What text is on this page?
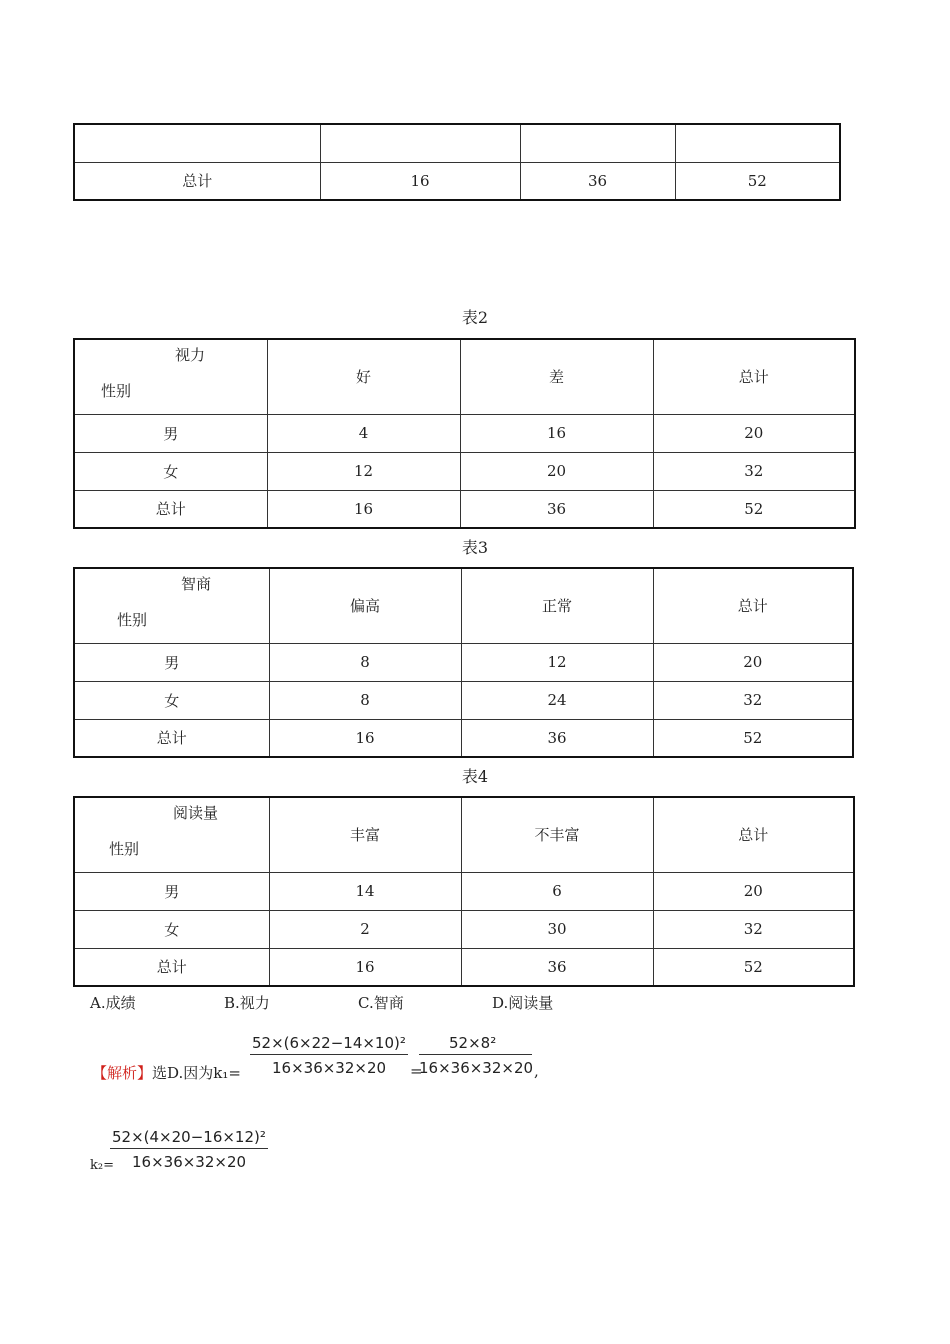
总计	16	36	52
表2
视力
性别	好	差	总计
男	4	16	20
女	12	20	32
总计	16	36	52
表3
智商
性别	偏高	正常	总计
男	8	12	20
女	8	24	32
总计	16	36	52
表4
阅读量
性别	丰富	不丰富	总计
男	14	6	20
女	2	30	32
总计	16	36	52
A.成绩	B.视力	C.智商	D.阅读量
【解析】选D.因为$k_1= \frac{\text{52×(6×22−14×10)²}}{16\times 36\times 32\times 20}$ =
$\frac{\text{52×8²}}{16\times 36\times 32\times 20}$ ,
k₂=
$\frac{\text{52×(4×20−16×12)²}}{16\times 36\times 32\times 20}$
